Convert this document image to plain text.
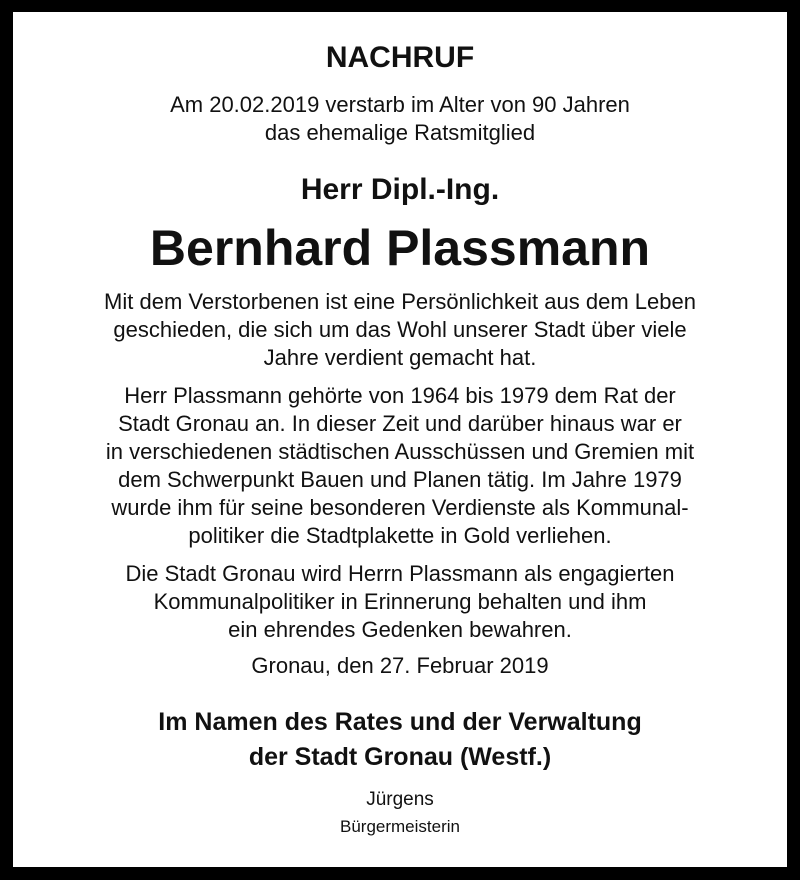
NACHRUF
Am 20.02.2019 verstarb im Alter von 90 Jahren
das ehemalige Ratsmitglied
Herr Dipl.-Ing.
Bernhard Plassmann
Mit dem Verstorbenen ist eine Persönlichkeit aus dem Leben
geschieden, die sich um das Wohl unserer Stadt über viele
Jahre verdient gemacht hat.
Herr Plassmann gehörte von 1964 bis 1979 dem Rat der
Stadt Gronau an. In dieser Zeit und darüber hinaus war er
in verschiedenen städtischen Ausschüssen und Gremien mit
dem Schwerpunkt Bauen und Planen tätig. Im Jahre 1979
wurde ihm für seine besonderen Verdienste als Kommunal-
politiker die Stadtplakette in Gold verliehen.
Die Stadt Gronau wird Herrn Plassmann als engagierten
Kommunalpolitiker in Erinnerung behalten und ihm
ein ehrendes Gedenken bewahren.
Gronau, den 27. Februar 2019
Im Namen des Rates und der Verwaltung
der Stadt Gronau (Westf.)
Jürgens
Bürgermeisterin
